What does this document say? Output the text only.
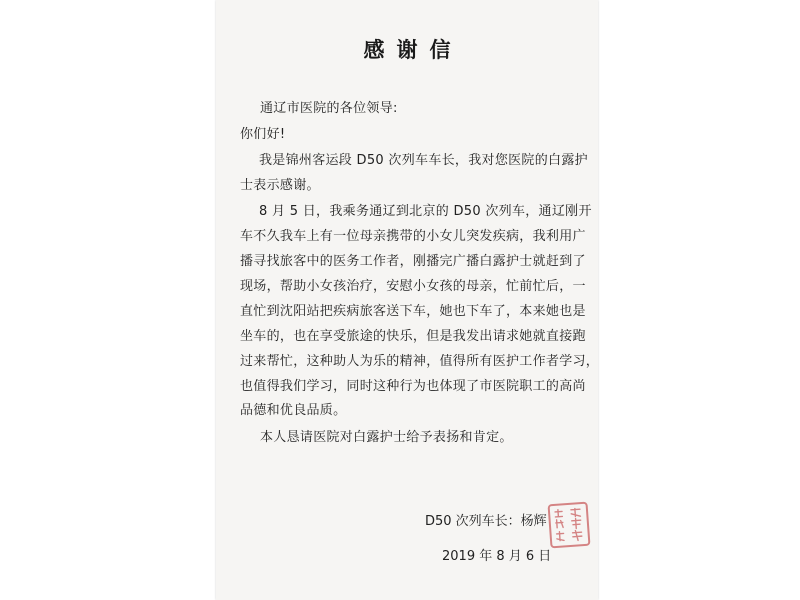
感谢信
通辽市医院的各位领导:
你们好!
我是锦州客运段 D50 次列车车长，我对您医院的白露护
士表示感谢。
8 月 5 日，我乘务通辽到北京的 D50 次列车，通辽刚开
车不久我车上有一位母亲携带的小女儿突发疾病，我利用广
播寻找旅客中的医务工作者，刚播完广播白露护士就赶到了
现场，帮助小女孩治疗，安慰小女孩的母亲，忙前忙后，一
直忙到沈阳站把疾病旅客送下车，她也下车了，本来她也是
坐车的，也在享受旅途的快乐，但是我发出请求她就直接跑
过来帮忙，这种助人为乐的精神，值得所有医护工作者学习，
也值得我们学习，同时这种行为也体现了市医院职工的高尚
品德和优良品质。
本人恳请医院对白露护士给予表扬和肯定。
D50 次列车长：杨辉
2019 年 8 月 6 日
